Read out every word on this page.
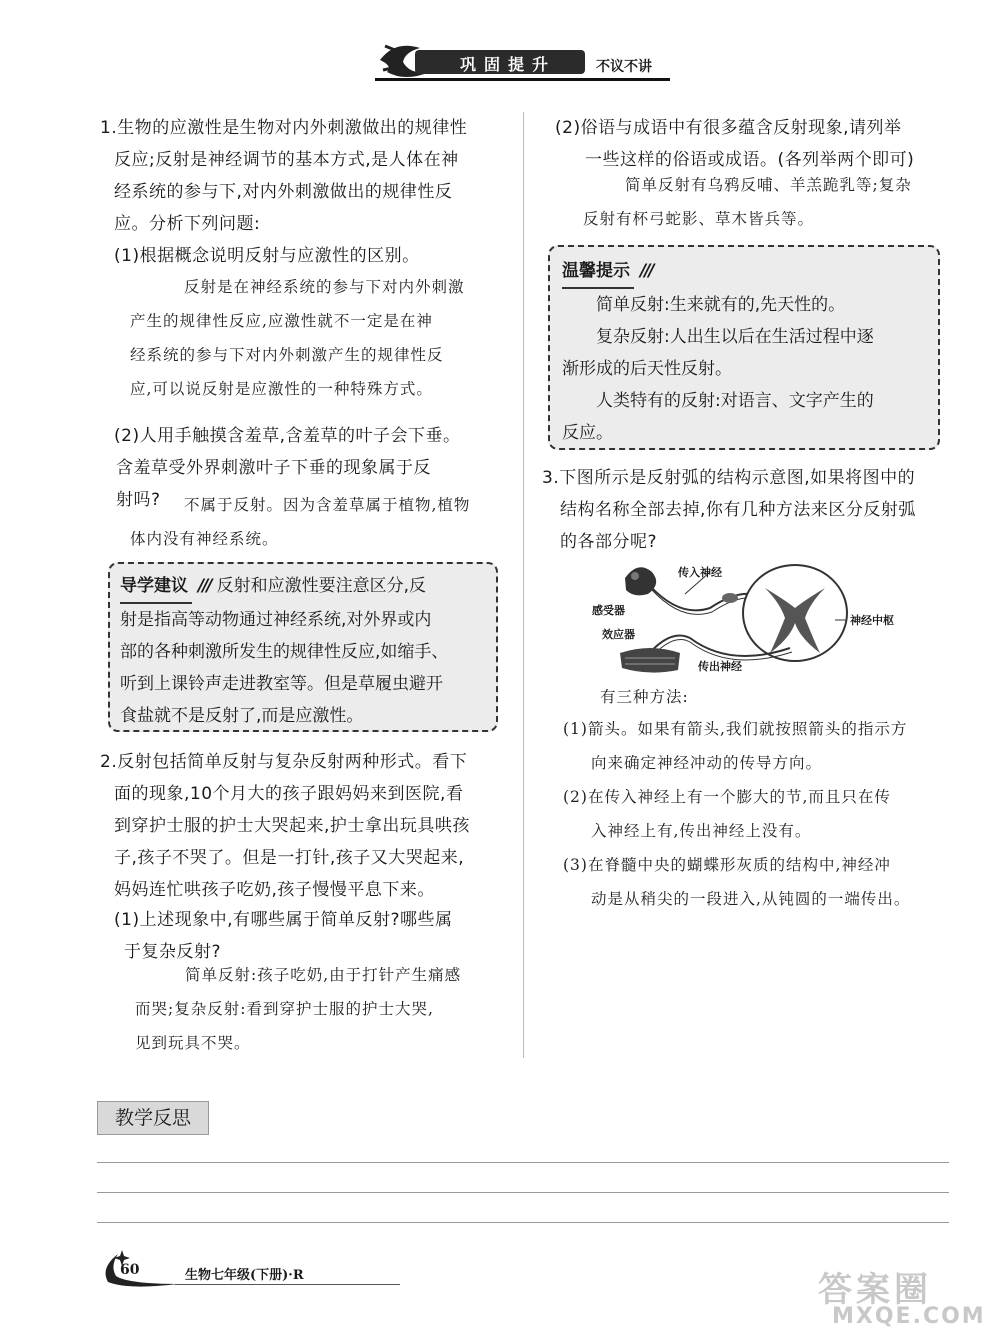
巩固提升	不议不讲
1.生物的应激性是生物对内外刺激做出的规律性
反应;反射是神经调节的基本方式,是人体在神
经系统的参与下,对内外刺激做出的规律性反
应。分析下列问题:
(1)根据概念说明反射与应激性的区别。
反射是在神经系统的参与下对内外刺激
产生的规律性反应,应激性就不一定是在神
经系统的参与下对内外刺激产生的规律性反
应,可以说反射是应激性的一种特殊方式。
(2)人用手触摸含羞草,含羞草的叶子会下垂。
含羞草受外界刺激叶子下垂的现象属于反
射吗?	不属于反射。因为含羞草属于植物,植物
体内没有神经系统。
导学建议 /// 反射和应激性要注意区分,反
射是指高等动物通过神经系统,对外界或内
部的各种刺激所发生的规律性反应,如缩手、
听到上课铃声走进教室等。但是草履虫避开
食盐就不是反射了,而是应激性。
2.反射包括简单反射与复杂反射两种形式。看下
面的现象,10个月大的孩子跟妈妈来到医院,看
到穿护士服的护士大哭起来,护士拿出玩具哄孩
子,孩子不哭了。但是一打针,孩子又大哭起来,
妈妈连忙哄孩子吃奶,孩子慢慢平息下来。
(1)上述现象中,有哪些属于简单反射?哪些属
于复杂反射?
简单反射:孩子吃奶,由于打针产生痛感
而哭;复杂反射:看到穿护士服的护士大哭,
见到玩具不哭。
(2)俗语与成语中有很多蕴含反射现象,请列举
一些这样的俗语或成语。(各列举两个即可)
简单反射有乌鸦反哺、羊羔跪乳等;复杂
反射有杯弓蛇影、草木皆兵等。
温馨提示 ///
简单反射:生来就有的,先天性的。
复杂反射:人出生以后在生活过程中逐
渐形成的后天性反射。
人类特有的反射:对语言、文字产生的
反应。
3.下图所示是反射弧的结构示意图,如果将图中的
结构名称全部去掉,你有几种方法来区分反射弧
的各部分呢?
传入神经
感受器
效应器
神经中枢
传出神经
有三种方法:
(1)箭头。如果有箭头,我们就按照箭头的指示方
向来确定神经冲动的传导方向。
(2)在传入神经上有一个膨大的节,而且只在传
入神经上有,传出神经上没有。
(3)在脊髓中央的蝴蝶形灰质的结构中,神经冲
动是从稍尖的一段进入,从钝圆的一端传出。
教学反思
60	生物七年级(下册)·R	答案圈
MXQE.COM
